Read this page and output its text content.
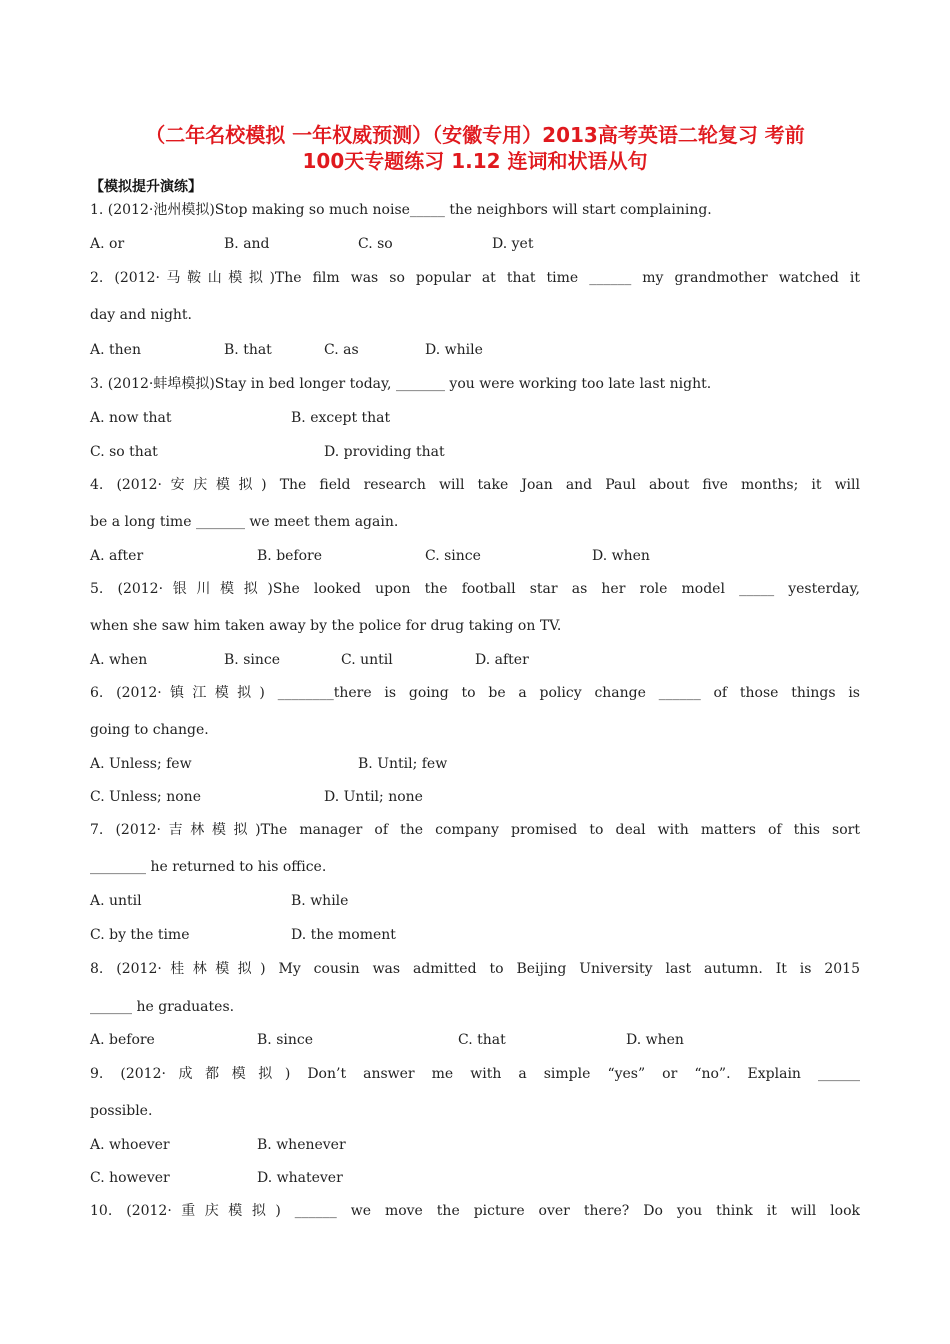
（二年名校模拟 一年权威预测）（安徽专用）2013高考英语二轮复习 考前
100天专题练习 1.12 连词和状语从句
【模拟提升演练】
1. (2012·池州模拟)Stop making so much noise_____ the neighbors will start complaining.
A. or	B. and	C. so	D. yet
2. (2012·马鞍山模拟)The film was so popular at that time ______ my grandmother watched it
day and night.
A. then	B. that	C. as	D. while
3. (2012·蚌埠模拟)Stay in bed longer today, _______ you were working too late last night.
A. now that	B. except that
C. so that	D. providing that
4. (2012·安庆模拟) The field research will take Joan and Paul about five months; it will
be a long time _______ we meet them again.
A. after	B. before	C. since	D. when
5. (2012·银川模拟)She looked upon the football star as her role model _____ yesterday,
when she saw him taken away by the police for drug taking on TV.
A. when	B. since	C. until	D. after
6. (2012·镇江模拟) ________there is going to be a policy change ______ of those things is
going to change.
A. Unless; few	B. Until; few
C. Unless; none	D. Until; none
7. (2012·吉林模拟)The manager of the company promised to deal with matters of this sort
________ he returned to his office.
A. until	B. while
C. by the time	D. the moment
8. (2012·桂林模拟) My cousin was admitted to Beijing University last autumn. It is 2015
______ he graduates.
A. before	B. since	C. that	D. when
9. (2012·成都模拟) Don’t answer me with a simple “yes” or “no”. Explain ______
possible.
A. whoever	B. whenever
C. however	D. whatever
10. (2012·重庆模拟) ______ we move the picture over there? Do you think it will look
